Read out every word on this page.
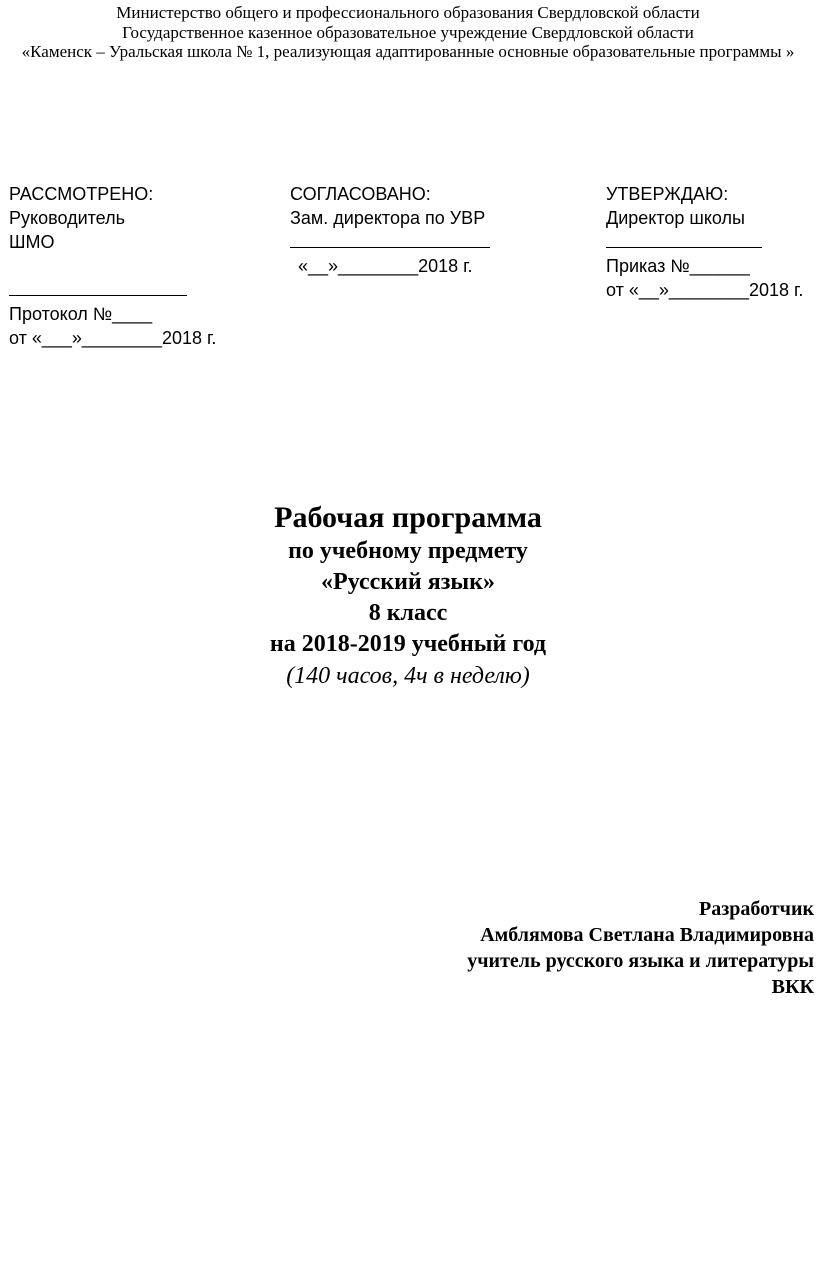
Министерство общего и профессионального образования Свердловской области
Государственное казенное образовательное учреждение Свердловской области
«Каменск – Уральская школа № 1, реализующая адаптированные основные образовательные программы »
РАССМОТРЕНО:
Руководитель
ШМО

Протокол №____
от «___»________2018 г.
СОГЛАСОВАНО:
Зам. директора по УВР
«__»________2018 г.
УТВЕРЖДАЮ:
Директор школы
Приказ №______
от «__»________2018 г.
Рабочая программа
по учебному предмету
«Русский язык»
8 класс
на 2018-2019 учебный год
(140 часов, 4ч в неделю)
Разработчик
Амблямова Светлана Владимировна
учитель русского языка и литературы
ВКК
